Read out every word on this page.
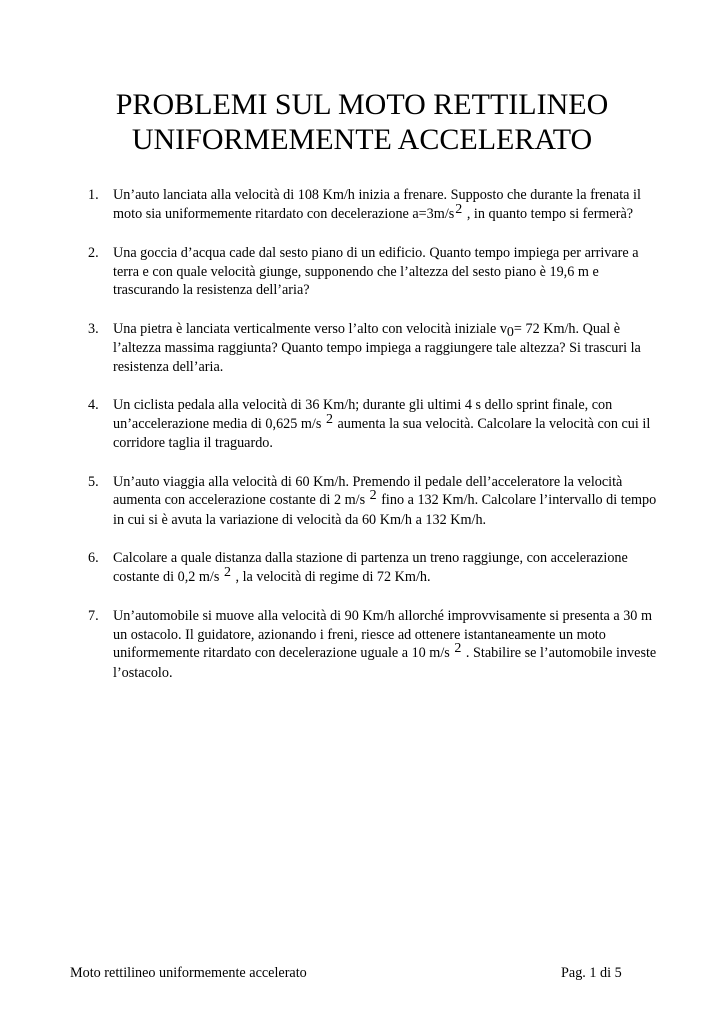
PROBLEMI SUL MOTO RETTILINEO
UNIFORMEMENTE ACCELERATO
1.	Un’auto lanciata alla velocità di 108 Km/h inizia a frenare. Supposto che durante la frenata il moto sia uniformemente ritardato con decelerazione a=3m/s2 , in quanto tempo si fermerà?
2.	Una goccia d’acqua cade dal sesto piano di un edificio. Quanto tempo impiega per arrivare a terra e con quale velocità giunge, supponendo che l’altezza del sesto piano è 19,6 m e trascurando la resistenza dell’aria?
3.	Una pietra è lanciata verticalmente verso l’alto con velocità iniziale v0= 72 Km/h. Qual è l’altezza massima raggiunta? Quanto tempo impiega a raggiungere tale altezza? Si trascuri la resistenza dell’aria.
4.	Un ciclista pedala alla velocità di 36 Km/h; durante gli ultimi 4 s dello sprint finale, con un’accelerazione media di 0,625 m/s 2 aumenta la sua velocità. Calcolare la velocità con cui il corridore taglia il traguardo.
5.	Un’auto viaggia alla velocità di 60 Km/h. Premendo il pedale dell’acceleratore la velocità aumenta con accelerazione costante di 2 m/s 2 fino a 132 Km/h. Calcolare l’intervallo di tempo in cui si è avuta la variazione di velocità da 60 Km/h a 132 Km/h.
6.	Calcolare a quale distanza dalla stazione di partenza un treno raggiunge, con accelerazione costante di 0,2 m/s 2 , la velocità di regime di 72 Km/h.
7.	Un’automobile si muove alla velocità di 90 Km/h allorché improvvisamente si presenta a 30 m un ostacolo. Il guidatore, azionando i freni, riesce ad ottenere istantaneamente un moto uniformemente ritardato con decelerazione uguale a 10 m/s 2 . Stabilire se l’automobile investe l’ostacolo.
Moto rettilineo uniformemente accelerato	Pag. 1 di 5
